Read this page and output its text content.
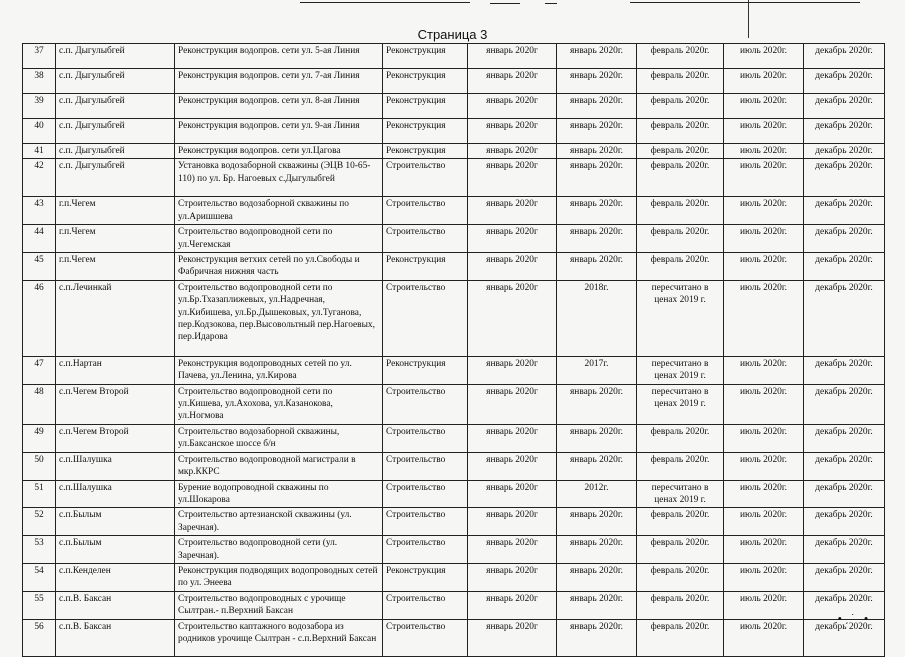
Страница 3
37	с.п. Дыгулыбгей	Реконструкция водопров. сети ул. 5-ая Линия	Реконструкция	январь 2020г	январь 2020г.	февраль 2020г.	июль 2020г.	декабрь 2020г.
38	с.п. Дыгулыбгей	Реконструкция водопров. сети ул. 7-ая Линия	Реконструкция	январь 2020г	январь 2020г.	февраль 2020г.	июль 2020г.	декабрь 2020г.
39	с.п. Дыгулыбгей	Реконструкция водопров. сети ул. 8-ая Линия	Реконструкция	январь 2020г	январь 2020г.	февраль 2020г.	июль 2020г.	декабрь 2020г.
40	с.п. Дыгулыбгей	Реконструкция водопров. сети ул. 9-ая Линия	Реконструкция	январь 2020г	январь 2020г.	февраль 2020г.	июль 2020г.	декабрь 2020г.
41	с.п. Дыгулыбгей	Реконструкция водопров. сети ул.Цагова	Реконструкция	январь 2020г	январь 2020г.	февраль 2020г.	июль 2020г.	декабрь 2020г.
42	с.п. Дыгулыбгей	Установка водозаборной скважины (ЭЦВ 10-65-110) по ул. Бр. Нагоевых с.Дыгулыбгей	Строительство	январь 2020г	январь 2020г.	февраль 2020г.	июль 2020г.	декабрь 2020г.
43	г.п.Чегем	Строительство водозаборной скважины по ул.Аришшева	Строительство	январь 2020г	январь 2020г.	февраль 2020г.	июль 2020г.	декабрь 2020г.
44	г.п.Чегем	Строительство водопроводной сети по ул.Чегемская	Строительство	январь 2020г	январь 2020г.	февраль 2020г.	июль 2020г.	декабрь 2020г.
45	г.п.Чегем	Реконструкция ветхих сетей по ул.Свободы и Фабричная нижняя часть	Реконструкция	январь 2020г	январь 2020г.	февраль 2020г.	июль 2020г.	декабрь 2020г.
46	с.п.Лечинкай	Строительство водопроводной сети по ул.Бр.Тхазаплижевых, ул.Надречная, ул.Кибишева, ул.Бр.Дышековых, ул.Туганова, пер.Кодзокова, пер.Высовольтный пер.Нагоевых, пер.Идарова	Строительство	январь 2020г	2018г.	пересчитано в ценах 2019 г.	июль 2020г.	декабрь 2020г.
47	с.п.Нартан	Реконструкция водопроводных сетей по ул. Пачева, ул.Ленина, ул.Кирова	Реконструкция	январь 2020г	2017г.	пересчитано в ценах 2019 г.	июль 2020г.	декабрь 2020г.
48	с.п.Чегем Второй	Строительство водопроводной сети по ул.Кишева, ул.Ахохова, ул.Казанокова, ул.Ногмова	Строительство	январь 2020г	январь 2020г.	пересчитано в ценах 2019 г.	июль 2020г.	декабрь 2020г.
49	с.п.Чегем Второй	Строительство водозаборной скважины, ул.Баксанское шоссе б/н	Строительство	январь 2020г	январь 2020г.	февраль 2020г.	июль 2020г.	декабрь 2020г.
50	с.п.Шалушка	Строительство водопроводной магистрали в мкр.ККРС	Строительство	январь 2020г	январь 2020г.	февраль 2020г.	июль 2020г.	декабрь 2020г.
51	с.п.Шалушка	Бурение водопроводной скважины по ул.Шокарова	Строительство	январь 2020г	2012г.	пересчитано в ценах 2019 г.	июль 2020г.	декабрь 2020г.
52	с.п.Былым	Строительство артезианской скважины (ул. Заречная).	Строительство	январь 2020г	январь 2020г.	февраль 2020г.	июль 2020г.	декабрь 2020г.
53	с.п.Былым	Строительство водопроводной сети (ул. Заречная).	Строительство	январь 2020г	январь 2020г.	февраль 2020г.	июль 2020г.	декабрь 2020г.
54	с.п.Кенделен	Реконструкция подводящих водопроводных сетей по ул. Энеева	Реконструкция	январь 2020г	январь 2020г.	февраль 2020г.	июль 2020г.	декабрь 2020г.
55	с.п.В. Баксан	Строительство водопроводных с урочище Сылтран.- п.Верхний Баксан	Строительство	январь 2020г	январь 2020г.	февраль 2020г.	июль 2020г.	декабрь 2020г.
56	с.п.В. Баксан	Строительство каптажного водозабора из родников урочище Сылтран - с.п.Верхний Баксан	Строительство	январь 2020г	январь 2020г.	февраль 2020г.	июль 2020г.	декабрь 2020г.
•ˏ˙ •
